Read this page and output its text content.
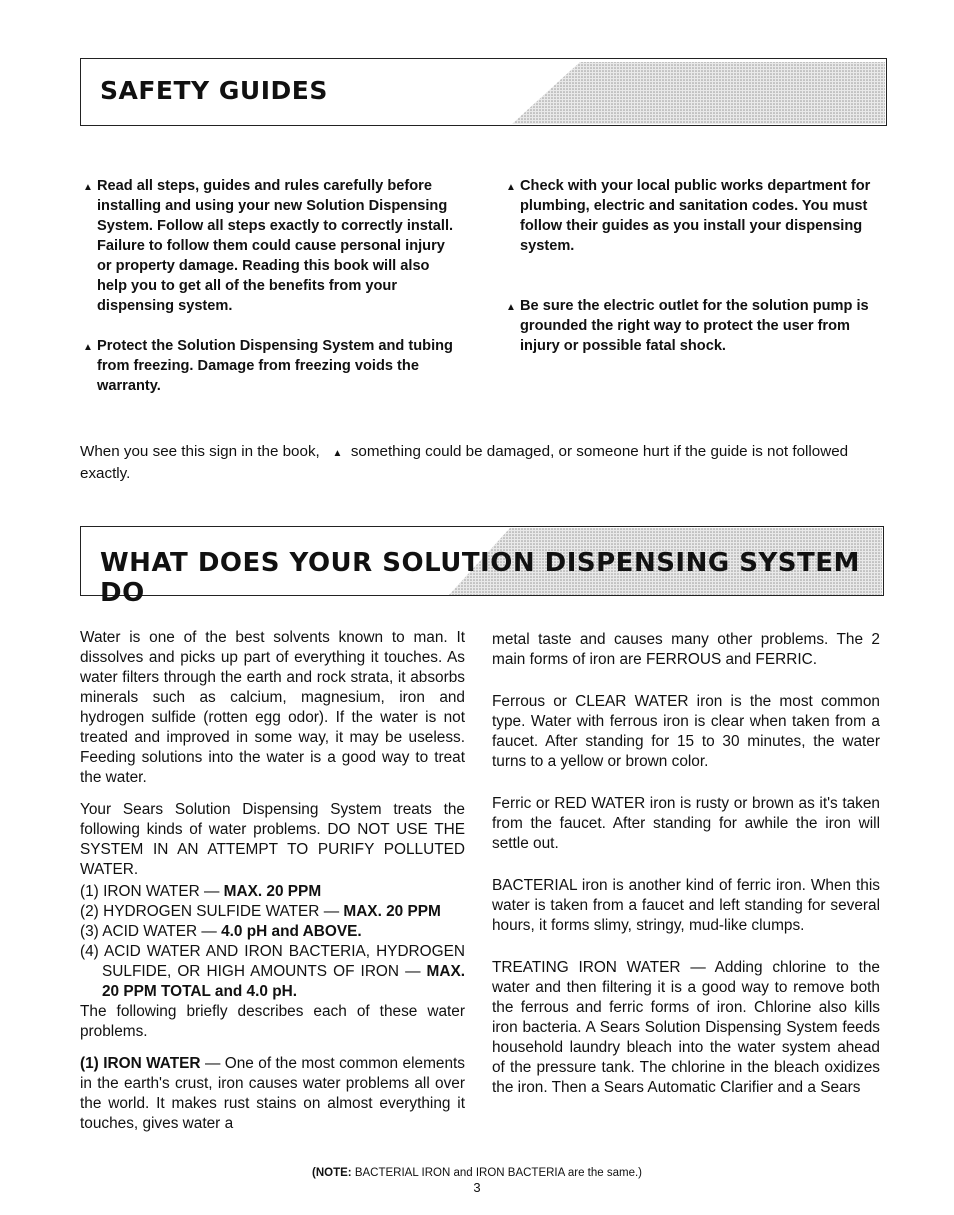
SAFETY GUIDES
▲ Read all steps, guides and rules carefully before installing and using your new Solution Dispensing System. Follow all steps exactly to correctly install. Failure to follow them could cause personal injury or property damage. Reading this book will also help you to get all of the benefits from your dispensing system.

▲ Protect the Solution Dispensing System and tubing from freezing. Damage from freezing voids the warranty.

▲ Check with your local public works department for plumbing, electric and sanitation codes. You must follow their guides as you install your dispensing system.

▲ Be sure the electric outlet for the solution pump is grounded the right way to protect the user from injury or possible fatal shock.

When you see this sign in the book, ▲ something could be damaged, or someone hurt if the guide is not followed exactly.
WHAT DOES YOUR SOLUTION DISPENSING SYSTEM DO

Water is one of the best solvents known to man. It dissolves and picks up part of everything it touches. As water filters through the earth and rock strata, it absorbs minerals such as calcium, magnesium, iron and hydrogen sulfide (rotten egg odor). If the water is not treated and improved in some way, it may be useless. Feeding solutions into the water is a good way to treat the water.

Your Sears Solution Dispensing System treats the following kinds of water problems. DO NOT USE THE SYSTEM IN AN ATTEMPT TO PURIFY POLLUTED WATER.

(1) IRON WATER — MAX. 20 PPM

(2) HYDROGEN SULFIDE WATER — MAX. 20 PPM

(3) ACID WATER — 4.0 pH and ABOVE.

(4) ACID WATER AND IRON BACTERIA, HYDROGEN SULFIDE, OR HIGH AMOUNTS OF IRON — MAX. 20 PPM TOTAL and 4.0 pH.

The following briefly describes each of these water problems.

(1) IRON WATER — One of the most common elements in the earth's crust, iron causes water problems all over the world. It makes rust stains on almost everything it touches, gives water a

metal taste and causes many other problems. The 2 main forms of iron are FERROUS and FERRIC.

Ferrous or CLEAR WATER iron is the most common type. Water with ferrous iron is clear when taken from a faucet. After standing for 15 to 30 minutes, the water turns to a yellow or brown color.

Ferric or RED WATER iron is rusty or brown as it's taken from the faucet. After standing for awhile the iron will settle out.

BACTERIAL iron is another kind of ferric iron. When this water is taken from a faucet and left standing for several hours, it forms slimy, stringy, mud-like clumps.

TREATING IRON WATER — Adding chlorine to the water and then filtering it is a good way to remove both the ferrous and ferric forms of iron. Chlorine also kills iron bacteria. A Sears Solution Dispensing System feeds household laundry bleach into the water system ahead of the pressure tank. The chlorine in the bleach oxidizes the iron. Then a Sears Automatic Clarifier and a Sears

(NOTE: BACTERIAL IRON and IRON BACTERIA are the same.)
3
